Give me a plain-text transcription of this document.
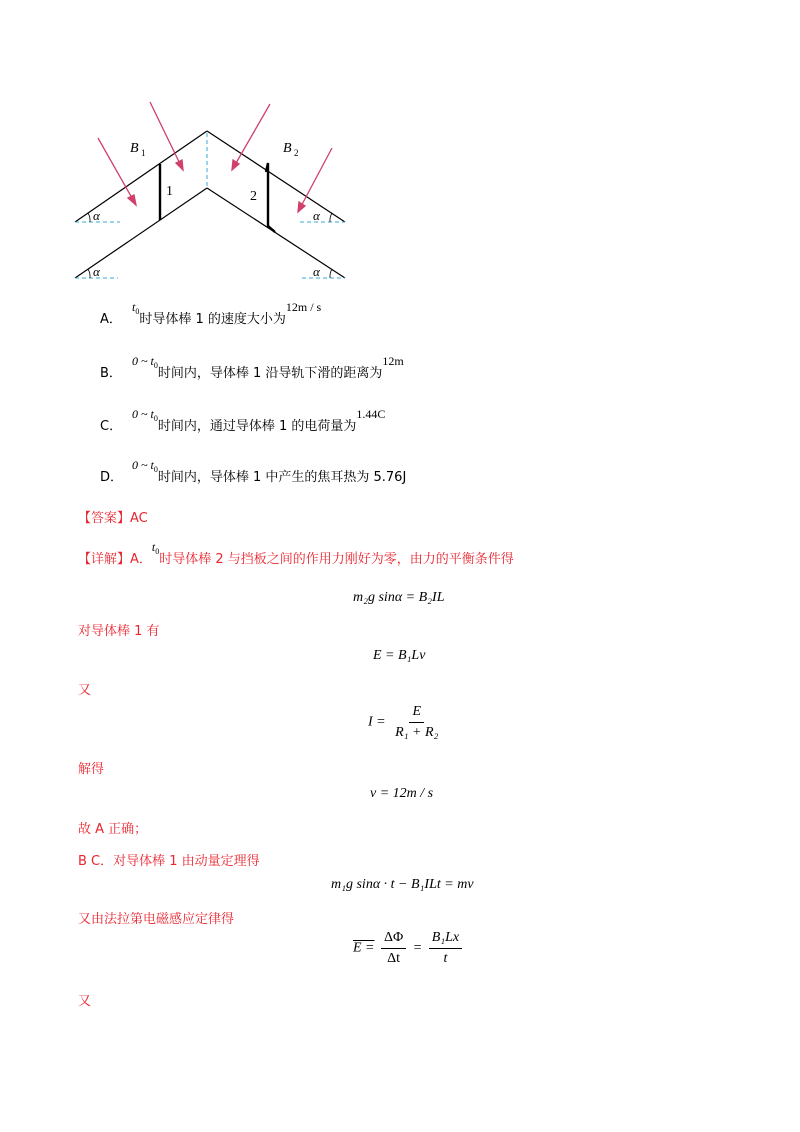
B 1	B 2
1	2
α
α
α
α
A．$t^0$时导体棒 1 的速度大小为12m / s
B．0 ~ $t^0$时间内，导体棒 1 沿导轨下滑的距离为12m
C．0 ~ $t^0$时间内，通过导体棒 1 的电荷量为1.44C
D．0 ~ $t^0$时间内，导体棒 1 中产生的焦耳热为 5.76J
【答案】AC
【详解】A．$t^0$时导体棒 2 与挡板之间的作用力刚好为零，由力的平衡条件得
m₂g sinα = B₂IL
对导体棒 1 有
E = B₁Lv
又
$I = \frac{E}{\text{R₁ + R₂}}$
解得
v = 12m / s
故 A 正确；
B C．对导体棒 1 由动量定理得
m₁g sinα · t − B₁ILt = mv
又由法拉第电磁感应定律得
$E = \frac{\Delta\Phi}{\Delta t} = \frac{\text{B₁Lx}}{t}$
又
